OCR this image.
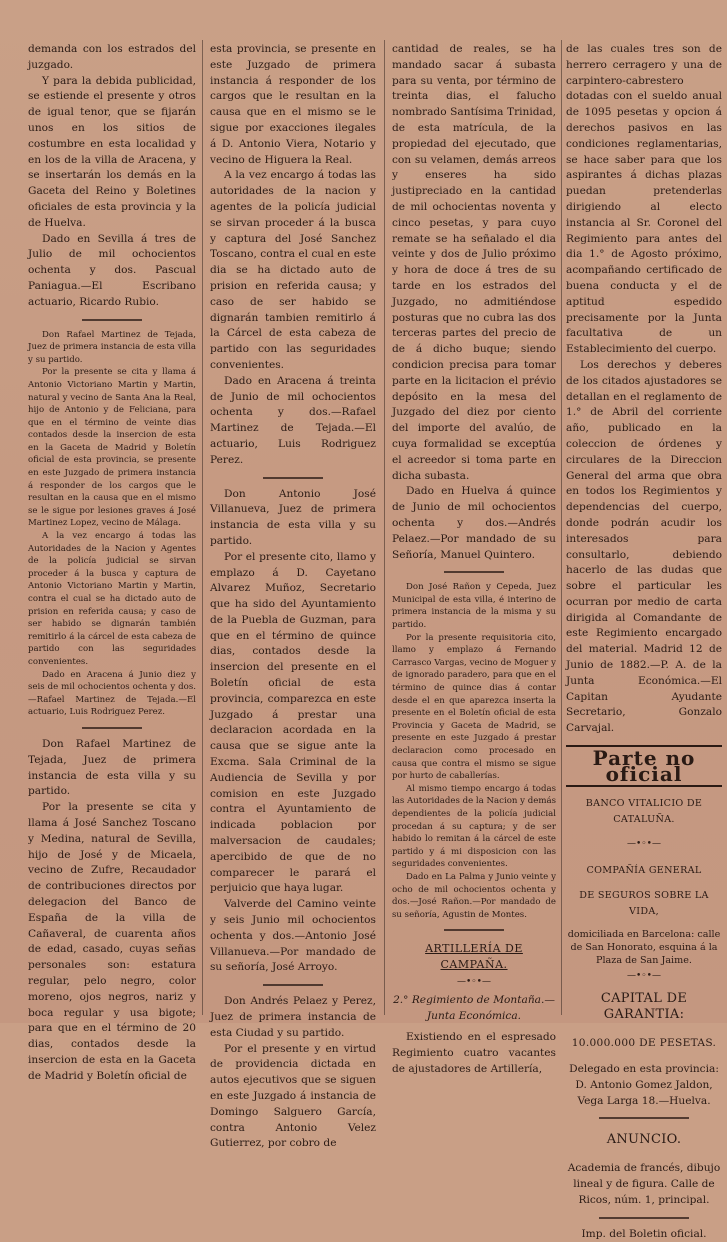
demanda con los estrados del juzgado.

Y para la debida publicidad, se estiende el presente y otros de igual tenor, que se fijarán unos en los sitios de costumbre en esta localidad y en los de la villa de Aracena, y se insertarán los demás en la Gaceta del Reino y Boletines oficiales de esta provincia y la de Huelva.

Dado en Sevilla á tres de Julio de mil ochocientos ochenta y dos. Pascual Paniagua.—El Escribano actuario, Ricardo Rubio.

Don Rafael Martinez de Tejada, Juez de primera instancia de esta villa y su partido.

Por la presente se cita y llama á Antonio Victoriano Martin y Martin, natural y vecino de Santa Ana la Real, hijo de Antonio y de Feliciana, para que en el término de veinte dias contados desde la insercion de esta en la Gaceta de Madrid y Boletín oficial de esta provincia, se presente en este Juzgado de primera instancia á responder de los cargos que le resultan en la causa que en el mismo se le sigue por lesiones graves á José Martinez Lopez, vecino de Málaga.

A la vez encargo á todas las Autoridades de la Nacion y Agentes de la policía judicial se sirvan proceder á la busca y captura de Antonio Victoriano Martin y Martin, contra el cual se ha dictado auto de prision en referida causa; y caso de ser habido se dignarán también remitirlo á la cárcel de esta cabeza de partido con las seguridades convenientes.

Dado en Aracena á Junio diez y seis de mil ochocientos ochenta y dos.—Rafael Martinez de Tejada.—El actuario, Luis Rodriguez Perez.

Don Rafael Martinez de Tejada, Juez de primera instancia de esta villa y su partido.

Por la presente se cita y llama á José Sanchez Toscano y Medina, natural de Sevilla, hijo de José y de Micaela, vecino de Zufre, Recaudador de contribuciones directos por delegacion del Banco de España de la villa de Cañaveral, de cuarenta años de edad, casado, cuyas señas personales son: estatura regular, pelo negro, color moreno, ojos negros, nariz y boca regular y usa bigote; para que en el término de 20 dias, contados desde la insercion de esta en la Gaceta de Madrid y Boletín oficial de

esta provincia, se presente en este Juzgado de primera instancia á responder de los cargos que le resultan en la causa que en el mismo se le sigue por exacciones ilegales á D. Antonio Viera, Notario y vecino de Higuera la Real.

A la vez encargo á todas las autoridades de la nacion y agentes de la policía judicial se sirvan proceder á la busca y captura del José Sanchez Toscano, contra el cual en este dia se ha dictado auto de prision en referida causa; y caso de ser habido se dignarán tambien remitirlo á la Cárcel de esta cabeza de partido con las seguridades convenientes.

Dado en Aracena á treinta de Junio de mil ochocientos ochenta y dos.—Rafael Martinez de Tejada.—El actuario, Luis Rodriguez Perez.

Don Antonio José Villanueva, Juez de primera instancia de esta villa y su partido.

Por el presente cito, llamo y emplazo á D. Cayetano Alvarez Muñoz, Secretario que ha sido del Ayuntamiento de la Puebla de Guzman, para que en el término de quince dias, contados desde la insercion del presente en el Boletín oficial de esta provincia, comparezca en este Juzgado á prestar una declaracion acordada en la causa que se sigue ante la Excma. Sala Criminal de la Audiencia de Sevilla y por comision en este Juzgado contra el Ayuntamiento de indicada poblacion por malversacion de caudales; apercibido de que de no comparecer le parará el perjuicio que haya lugar.

Valverde del Camino veinte y seis Junio mil ochocientos ochenta y dos.—Antonio José Villanueva.—Por mandado de su señoría, José Arroyo.

Don Andrés Pelaez y Perez, Juez de primera instancia de esta Ciudad y su partido.

Por el presente y en virtud de providencia dictada en autos ejecutivos que se siguen en este Juzgado á instancia de Domingo Salguero García, contra Antonio Velez Gutierrez, por cobro de

cantidad de reales, se ha mandado sacar á subasta para su venta, por término de treinta dias, el falucho nombrado Santísima Trinidad, de esta matrícula, de la propiedad del ejecutado, que con su velamen, demás arreos y enseres ha sido justipreciado en la cantidad de mil ochocientas noventa y cinco pesetas, y para cuyo remate se ha señalado el dia veinte y dos de Julio próximo y hora de doce á tres de su tarde en los estrados del Juzgado, no admitiéndose posturas que no cubra las dos terceras partes del precio de de á dicho buque; siendo condicion precisa para tomar parte en la licitacion el prévio depósito en la mesa del Juzgado del diez por ciento del importe del avalúo, de cuya formalidad se exceptúa el acreedor si toma parte en dicha subasta.

Dado en Huelva á quince de Junio de mil ochocientos ochenta y dos.—Andrés Pelaez.—Por mandado de su Señoría, Manuel Quintero.

Don José Rañon y Cepeda, Juez Municipal de esta villa, é interino de primera instancia de la misma y su partido.

Por la presente requisitoria cito, llamo y emplazo á Fernando Carrasco Vargas, vecino de Moguer y de ignorado paradero, para que en el término de quince dias á contar desde el en que aparezca inserta la presente en el Boletín oficial de esta Provincia y Gaceta de Madrid, se presente en este Juzgado á prestar declaracion como procesado en causa que contra el mismo se sigue por hurto de caballerías.

Al mismo tiempo encargo á todas las Autoridades de la Nacion y demás dependientes de la policía judicial procedan á su captura; y de ser habido lo remitan á la cárcel de este partido y á mi disposicion con las seguridades convenientes.

Dado en La Palma y Junio veinte y ocho de mil ochocientos ochenta y dos.—José Rañon.—Por mandado de su señoría, Agustin de Montes.

ARTILLERÍA DE CAMPAÑA.
—•◦•—

2.° Regimiento de Montaña.—Junta Económica.

Existiendo en el espresado Regimiento cuatro vacantes de ajustadores de Artillería,

de las cuales tres son de herrero cerragero y una de carpintero-cabrestero dotadas con el sueldo anual de 1095 pesetas y opcion á derechos pasivos en las condiciones reglamentarias, se hace saber para que los aspirantes á dichas plazas puedan pretenderlas dirigiendo al electo instancia al Sr. Coronel del Regimiento para antes del dia 1.° de Agosto próximo, acompañando certificado de buena conducta y el de aptitud espedido precisamente por la Junta facultativa de un Establecimiento del cuerpo.

Los derechos y deberes de los citados ajustadores se detallan en el reglamento de 1.° de Abril del corriente año, publicado en la coleccion de órdenes y circulares de la Direccion General del arma que obra en todos los Regimientos y dependencias del cuerpo, donde podrán acudir los interesados para consultarlo, debiendo hacerlo de las dudas que sobre el particular les ocurran por medio de carta dirigida al Comandante de este Regimiento encargado del material. Madrid 12 de Junio de 1882.—P. A. de la Junta Económica.—El Capitan Ayudante Secretario, Gonzalo Carvajal.

Parte no oficial

BANCO VITALICIO DE CATALUÑA.

—•◦•—

COMPAÑÍA GENERAL

DE SEGUROS SOBRE LA VIDA,

domiciliada en Barcelona: calle de San Honorato, esquina á la Plaza de San Jaime.

—•◦•—

CAPITAL DE GARANTIA:

10.000.000 DE PESETAS.

Delegado en esta provincia: D. Antonio Gomez Jaldon, Vega Larga 18.—Huelva.

ANUNCIO.

Academia de francés, dibujo lineal y de figura. Calle de Ricos, núm. 1, principal.

Imp. del Boletin oficial.
